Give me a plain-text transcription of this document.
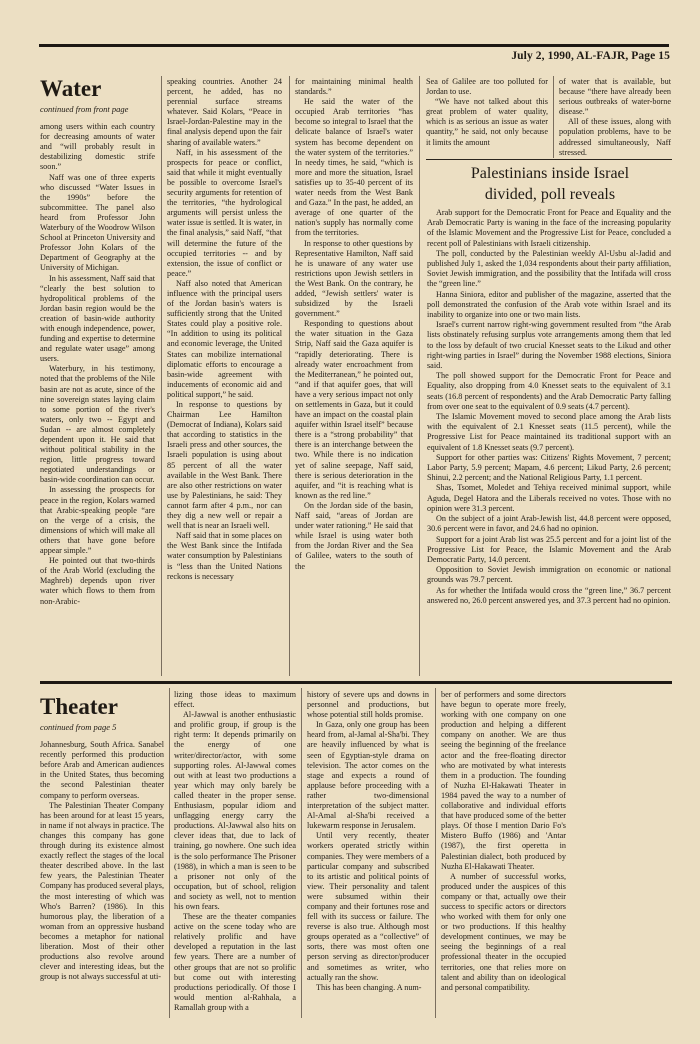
July 2, 1990, AL-FAJR, Page 15
Water
continued from front page

among users within each country for decreasing amounts of water and “will probably result in destabilizing domestic strife soon.”

Naff was one of three experts who discussed “Water Issues in the 1990s” before the subcommittee. The panel also heard from Professor John Waterbury of the Woodrow Wilson School at Princeton University and Professor John Kolars of the Department of Geography at the University of Michigan.

In his assessment, Naff said that “clearly the best solution to hydropolitical problems of the Jordan basin region would be the creation of basin-wide authority with enough independence, power, funding and expertise to determine and regulate water usage” among users.

Waterbury, in his testimony, noted that the problems of the Nile basin are not as acute, since of the nine sovereign states laying claim to some portion of the river's waters, only two -- Egypt and Sudan -- are almost completely dependent upon it. He said that without political stability in the region, little progress toward negotiated understandings or basin-wide coordination can occur.

In assessing the prospects for peace in the region, Kolars warned that Arabic-speaking people “are on the verge of a crisis, the dimensions of which will make all others that have gone before appear simple.”

He pointed out that two-thirds of the Arab World (excluding the Maghreb) depends upon river water which flows to them from non-Arabic-

speaking countries. Another 24 percent, he added, has no perennial surface streams whatever. Said Kolars, “Peace in Israel-Jordan-Palestine may in the final analysis depend upon the fair sharing of available waters.”

Naff, in his assessment of the prospects for peace or conflict, said that while it might eventually be possible to overcome Israel's security arguments for retention of the territories, “the hydrological arguments will persist unless the water issue is settled. It is water, in the final analysis,” said Naff, “that will determine the future of the occupied territories -- and by extension, the issue of conflict or peace.”

Naff also noted that American influence with the principal users of the Jordan basin's waters is sufficiently strong that the United States could play a positive role. “In addition to using its political and economic leverage, the United States can mobilize international diplomatic efforts to encourage a basin-wide agreement with inducements of economic aid and political support,” he said.

In response to questions by Chairman Lee Hamilton (Democrat of Indiana), Kolars said that according to statistics in the Israeli press and other sources, the Israeli population is using about 85 percent of all the water available in the West Bank. There are also other restrictions on water use by Palestinians, he said: They cannot farm after 4 p.m., nor can they dig a new well or repair a well that is near an Israeli well.

Naff said that in some places on the West Bank since the Intifada water consumption by Palestinians is “less than the United Nations reckons is necessary

for maintaining minimal health standards.”

He said the water of the occupied Arab territories “has become so integral to Israel that the delicate balance of Israel's water system has become dependent on the water system of the territories.” In needy times, he said, “which is more and more the situation, Israel satisfies up to 35-40 percent of its water needs from the West Bank and Gaza.” In the past, he added, an average of one quarter of the nation's supply has normally come from the territories.

In response to other questions by Representative Hamilton, Naff said he is unaware of any water use restrictions upon Jewish settlers in the West Bank. On the contrary, he added, “Jewish settlers' water is subsidized by the Israeli government.”

Responding to questions about the water situation in the Gaza Strip, Naff said the Gaza aquifer is “rapidly deteriorating. There is already water encroachment from the Mediterranean,” he pointed out, “and if that aquifer goes, that will have a very serious impact not only on settlements in Gaza, but it could have an impact on the coastal plain aquifer within Israel itself” because there is a “strong probability” that there is an interchange between the two. While there is no indication yet of saline seepage, Naff said, there is serious deterioration in the aquifer, and “it is reaching what is known as the red line.”

On the Jordan side of the basin, Naff said, “areas of Jordan are under water rationing.” He said that while Israel is using water both from the Jordan River and the Sea of Galilee, waters to the south of the

Sea of Galilee are too polluted for Jordan to use.

“We have not talked about this great problem of water quality, which is as serious an issue as water quantity,” he said, not only because it limits the amount

of water that is available, but because “there have already been serious outbreaks of water-borne disease.”

All of these issues, along with population problems, have to be addressed simultaneously, Naff stressed.

Palestinians inside Israel
divided, poll reveals

Arab support for the Democratic Front for Peace and Equality and the Arab Democratic Party is waning in the face of the increasing popularity of the Islamic Movement and the Progressive List for Peace, concluded a recent poll of Palestinians with Israeli citizenship.

The poll, conducted by the Palestinian weekly Al-Usbu al-Jadid and published July 1, asked the 1,034 respondents about their party affiliation, Soviet Jewish immigration, and the possibility that the Intifada will cross the “green line.”

Hanna Siniora, editor and publisher of the magazine, asserted that the poll demonstrated the confusion of the Arab vote within Israel and its inability to organize into one or two main lists.

Israel's current narrow right-wing government resulted from “the Arab lists obstinately refusing surplus vote arrangements among them that led to the loss by default of two crucial Knesset seats to the Likud and other right-wing parties in Israel” during the November 1988 elections, Siniora said.

The poll showed support for the Democratic Front for Peace and Equality, also dropping from 4.0 Knesset seats to the equivalent of 3.1 seats (16.8 percent of respondents) and the Arab Democratic Party falling from over one seat to the equivalent of 0.9 seats (4.7 percent).

The Islamic Movement moved to second place among the Arab lists with the equivalent of 2.1 Knesset seats (11.5 percent), while the Progressive List for Peace maintained its traditional support with an equivalent of 1.8 Knesset seats (9.7 percent).

Support for other parties was: Citizens' Rights Movement, 7 percent; Labor Party, 5.9 percent; Mapam, 4.6 percent; Likud Party, 2.6 percent; Shinui, 2.2 percent; and the National Religious Party, 1.1 percent.

Shas, Tsomet, Moledet and Tehiya received minimal support, while Aguda, Degel Hatora and the Liberals received no votes. Those with no opinion were 31.3 percent.

On the subject of a joint Arab-Jewish list, 44.8 percent were opposed, 30.6 percent were in favor, and 24.6 had no opinion.

Support for a joint Arab list was 25.5 percent and for a joint list of the Progressive List for Peace, the Islamic Movement and the Arab Democratic Party, 14.0 percent.

Opposition to Soviet Jewish immigration on economic or national grounds was 79.7 percent.

As for whether the Intifada would cross the “green line,” 36.7 percent answered no, 26.0 percent answered yes, and 37.3 percent had no opinion.

Theater
continued from page 5

Johannesburg, South Africa. Sanabel recently performed this production before Arab and American audiences in the United States, thus becoming the second Palestinian theater company to perform overseas.

The Palestinian Theater Company has been around for at least 15 years, in name if not always in practice. The changes this company has gone through during its existence almost exactly reflect the stages of the local theater described above. In the last few years, the Palestinian Theater Company has produced several plays, the most interesting of which was Who's Barren? (1986). In this humorous play, the liberation of a woman from an oppressive husband becomes a metaphor for national liberation. Most of their other productions also revolve around clever and interesting ideas, but the group is not always successful at uti-

lizing those ideas to maximum effect.

Al-Jawwal is another enthusiastic and prolific group, if group is the right term: It depends primarily on the energy of one writer/director/actor, with some supporting roles. Al-Jawwal comes out with at least two productions a year which may only barely be called theater in the proper sense. Enthusiasm, popular idiom and unflagging energy carry the productions. Al-Jawwal also hits on clever ideas that, due to lack of training, go nowhere. One such idea is the solo performance The Prisoner (1988), in which a man is seen to be a prisoner not only of the occupation, but of school, religion and society as well, not to mention his own fears.

These are the theater companies active on the scene today who are relatively prolific and have developed a reputation in the last few years. There are a number of other groups that are not so prolific but come out with interesting productions periodically. Of those I would mention al-Rahhala, a Ramallah group with a

history of severe ups and downs in personnel and productions, but whose potential still holds promise.

In Gaza, only one group has been heard from, al-Jamal al-Sha'bi. They are heavily influenced by what is seen of Egyptian-style drama on television. The actor comes on the stage and expects a round of applause before proceeding with a rather two-dimensional interpretation of the subject matter. Al-Amal al-Sha'bi received a lukewarm response in Jerusalem.

Until very recently, theater workers operated strictly within companies. They were members of a particular company and subscribed to its artistic and political points of view. Their personality and talent were subsumed within their company and their fortunes rose and fell with its success or failure. The reverse is also true. Although most groups operated as a “collective” of sorts, there was most often one person serving as director/producer and sometimes as writer, who actually ran the show.

This has been changing. A num-

ber of performers and some directors have begun to operate more freely, working with one company on one production and helping a different company on another. We are thus seeing the beginning of the freelance actor and the free-floating director who are motivated by what interests them in a production. The founding of Nuzha El-Hakawati Theater in 1984 paved the way to a number of collaborative and individual efforts that have produced some of the better plays. Of those I mention Dario Fo's Mistero Buffo (1986) and 'Antar (1987), the first operetta in Palestinian dialect, both produced by Nuzha El-Hakawati Theater.

A number of successful works, produced under the auspices of this company or that, actually owe their success to specific actors or directors who worked with them for only one or two productions. If this healthy development continues, we may be seeing the beginnings of a real professional theater in the occupied territories, one that relies more on talent and ability than on ideological and personal compatibility.
